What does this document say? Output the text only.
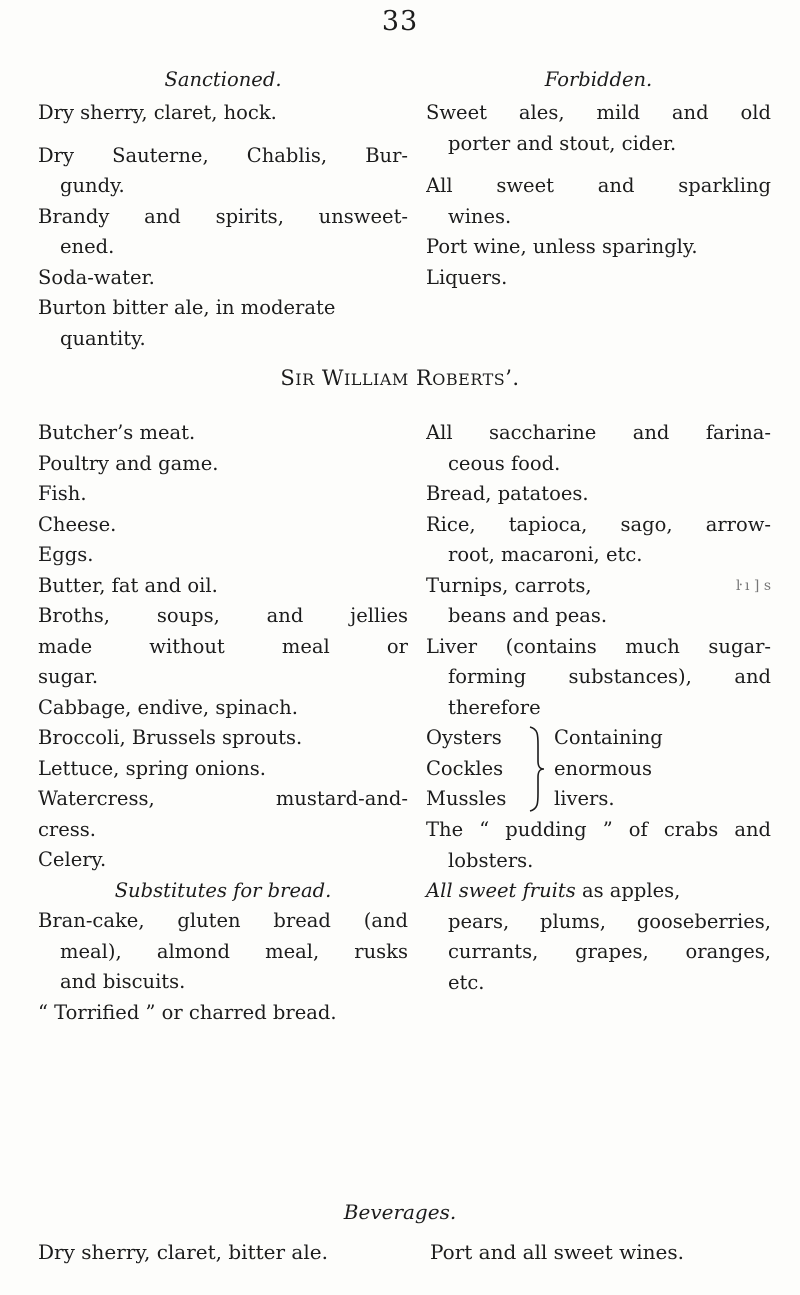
33
Sanctioned.
Dry sherry, claret, hock.
Dry Sauterne, Chablis, Bur-
gundy.
Brandy and spirits, unsweet-
ened.
Soda-water.
Burton bitter ale, in moderate
quantity.
Forbidden.
Sweet ales, mild and old
porter and stout, cider.
All sweet and sparkling
wines.
Port wine, unless sparingly.
Liquers.
SIR WILLIAM ROBERTS’.
Butcher’s meat.
Poultry and game.
Fish.
Cheese.
Eggs.
Butter, fat and oil.
Broths, soups, and jellies
made without meal or
sugar.
Cabbage, endive, spinach.
Broccoli, Brussels sprouts.
Lettuce, spring onions.
Watercress, mustard-and-
cress.
Celery.
Substitutes for bread.
Bran-cake, gluten bread (and
meal), almond meal, rusks
and biscuits.
“ Torrified ” or charred bread.
All saccharine and farina-
ceous food.
Bread, patatoes.
Rice, tapioca, sago, arrow-
root, macaroni, etc.
Turnips, carrots,	ŀ ı ] s
beans and peas.
Liver (contains much sugar-
forming substances), and
therefore
Oysters
Cockles
Mussles
Containing
enormous
livers.
The “ pudding ” of crabs and
lobsters.
All sweet fruits as apples,
pears, plums, gooseberries,
currants, grapes, oranges,
etc.
Beverages.
Dry sherry, claret, bitter ale.	Port and all sweet wines.
